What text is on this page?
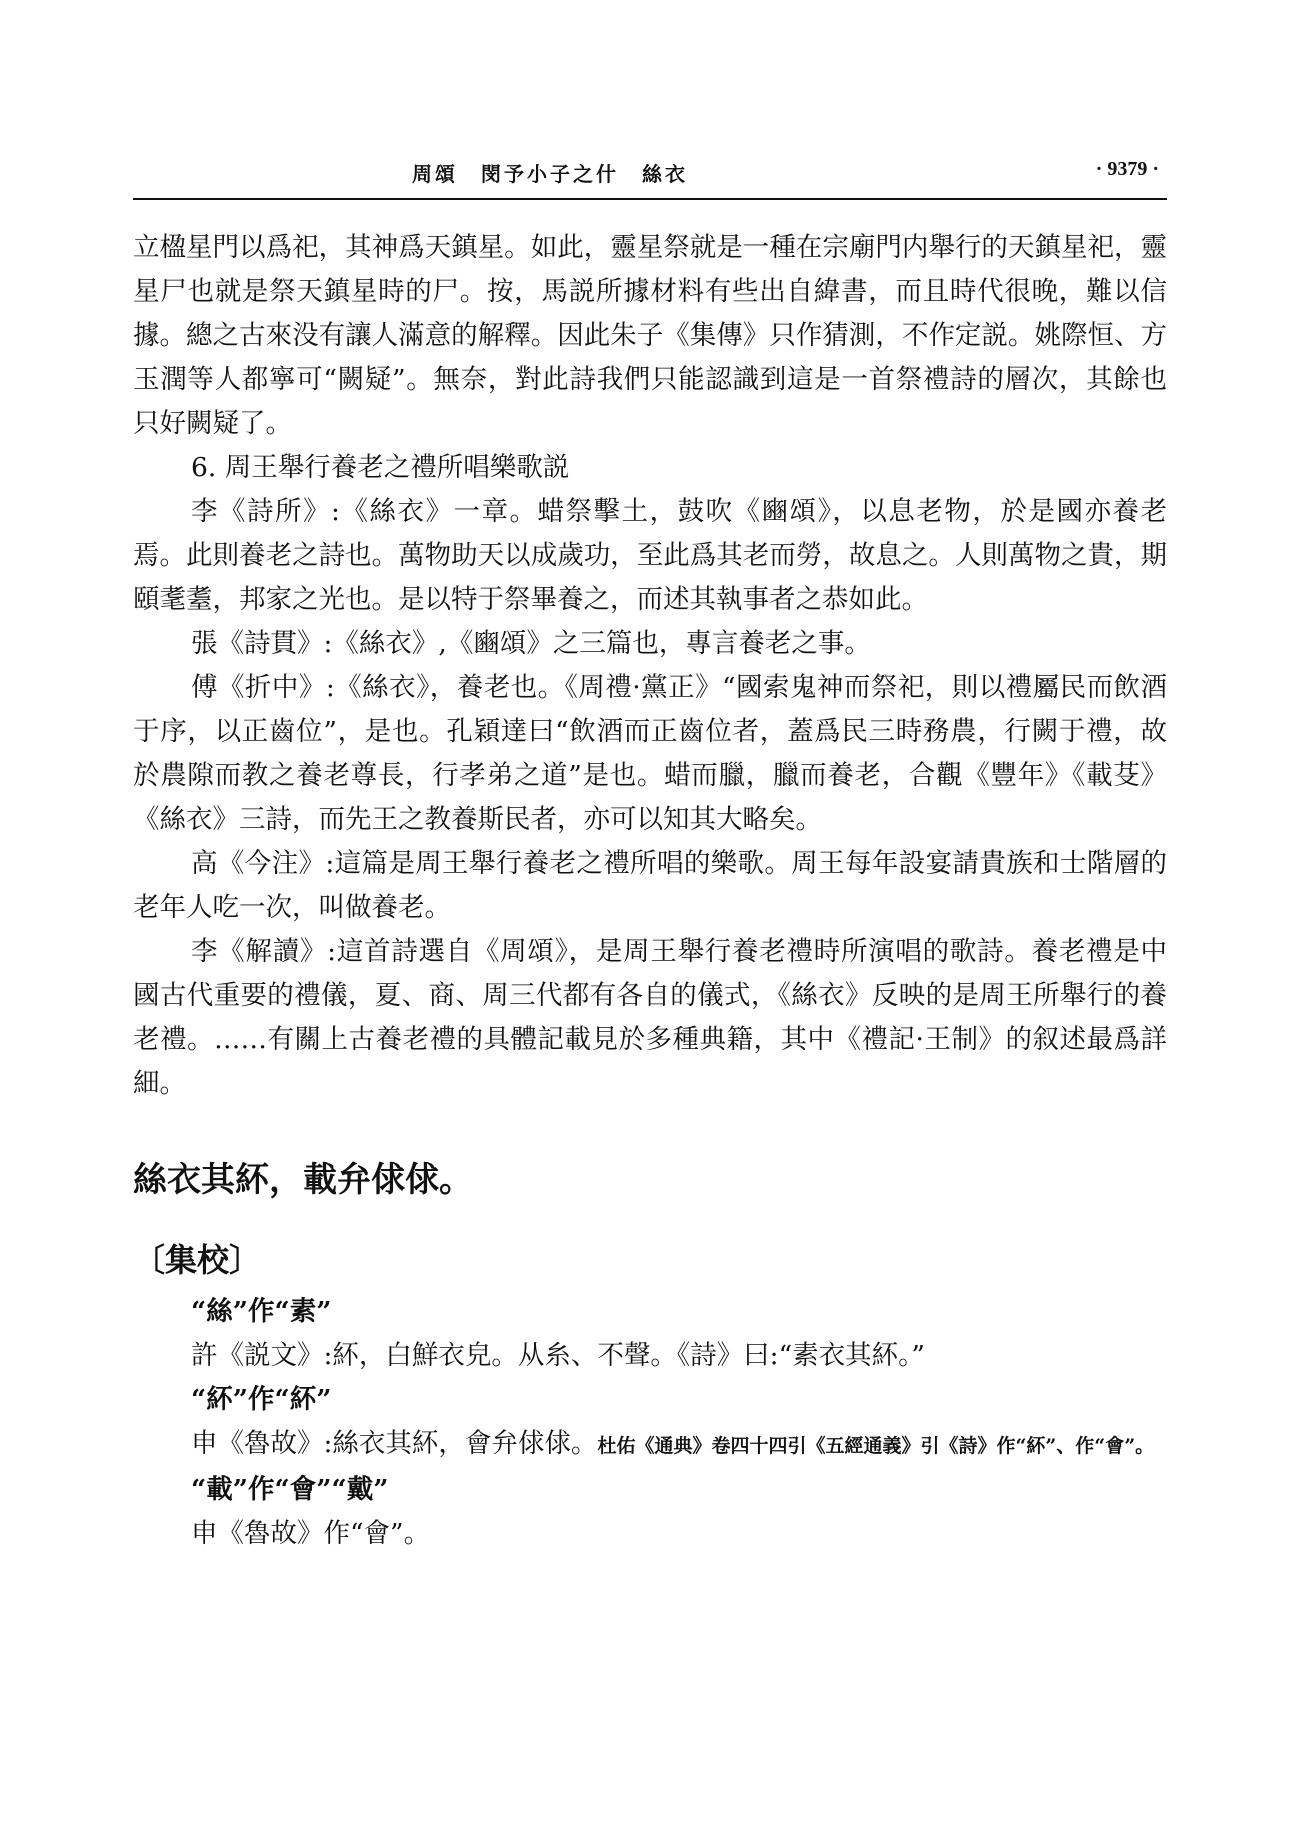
周頌　閔予小子之什　絲衣	· 9379 ·

立楹星門以爲祀，其神爲天鎮星。如此，靈星祭就是一種在宗廟門内舉行的天鎮星祀，靈星尸也就是祭天鎮星時的尸。按，馬説所據材料有些出自緯書，而且時代很晚，難以信據。總之古來没有讓人滿意的解釋。因此朱子《集傳》只作猜測，不作定説。姚際恒、方玉潤等人都寧可“闕疑”。無奈，對此詩我們只能認識到這是一首祭禮詩的層次，其餘也只好闕疑了。

6. 周王舉行養老之禮所唱樂歌説

李《詩所》:《絲衣》一章。蜡祭擊土，鼓吹《豳頌》，以息老物，於是國亦養老焉。此則養老之詩也。萬物助天以成歲功，至此爲其老而勞，故息之。人則萬物之貴，期頤耄耋，邦家之光也。是以特于祭畢養之，而述其執事者之恭如此。

張《詩貫》:《絲衣》,《豳頌》之三篇也，專言養老之事。

傅《折中》:《絲衣》，養老也。《周禮·黨正》“國索鬼神而祭祀，則以禮屬民而飲酒于序，以正齒位”，是也。孔穎達曰“飲酒而正齒位者，蓋爲民三時務農，行闕于禮，故於農隙而教之養老尊長，行孝弟之道”是也。蜡而臘，臘而養老，合觀《豐年》《載芟》《絲衣》三詩，而先王之教養斯民者，亦可以知其大略矣。

高《今注》:這篇是周王舉行養老之禮所唱的樂歌。周王每年設宴請貴族和士階層的老年人吃一次，叫做養老。

李《解讀》:這首詩選自《周頌》，是周王舉行養老禮時所演唱的歌詩。養老禮是中國古代重要的禮儀，夏、商、周三代都有各自的儀式，《絲衣》反映的是周王所舉行的養老禮。……有關上古養老禮的具體記載見於多種典籍，其中《禮記·王制》的叙述最爲詳細。

絲衣其紑，載弁俅俅。
〔集校〕

“絲”作“素”

許《説文》:紑，白鮮衣皃。从糸、不聲。《詩》曰:“素衣其紑。”

“紑”作“紑”

申《魯故》:絲衣其紑，會弁俅俅。杜佑《通典》卷四十四引《五經通義》引《詩》作“紑”、作“會”。

“載”作“會”“戴”

申《魯故》作“會”。
